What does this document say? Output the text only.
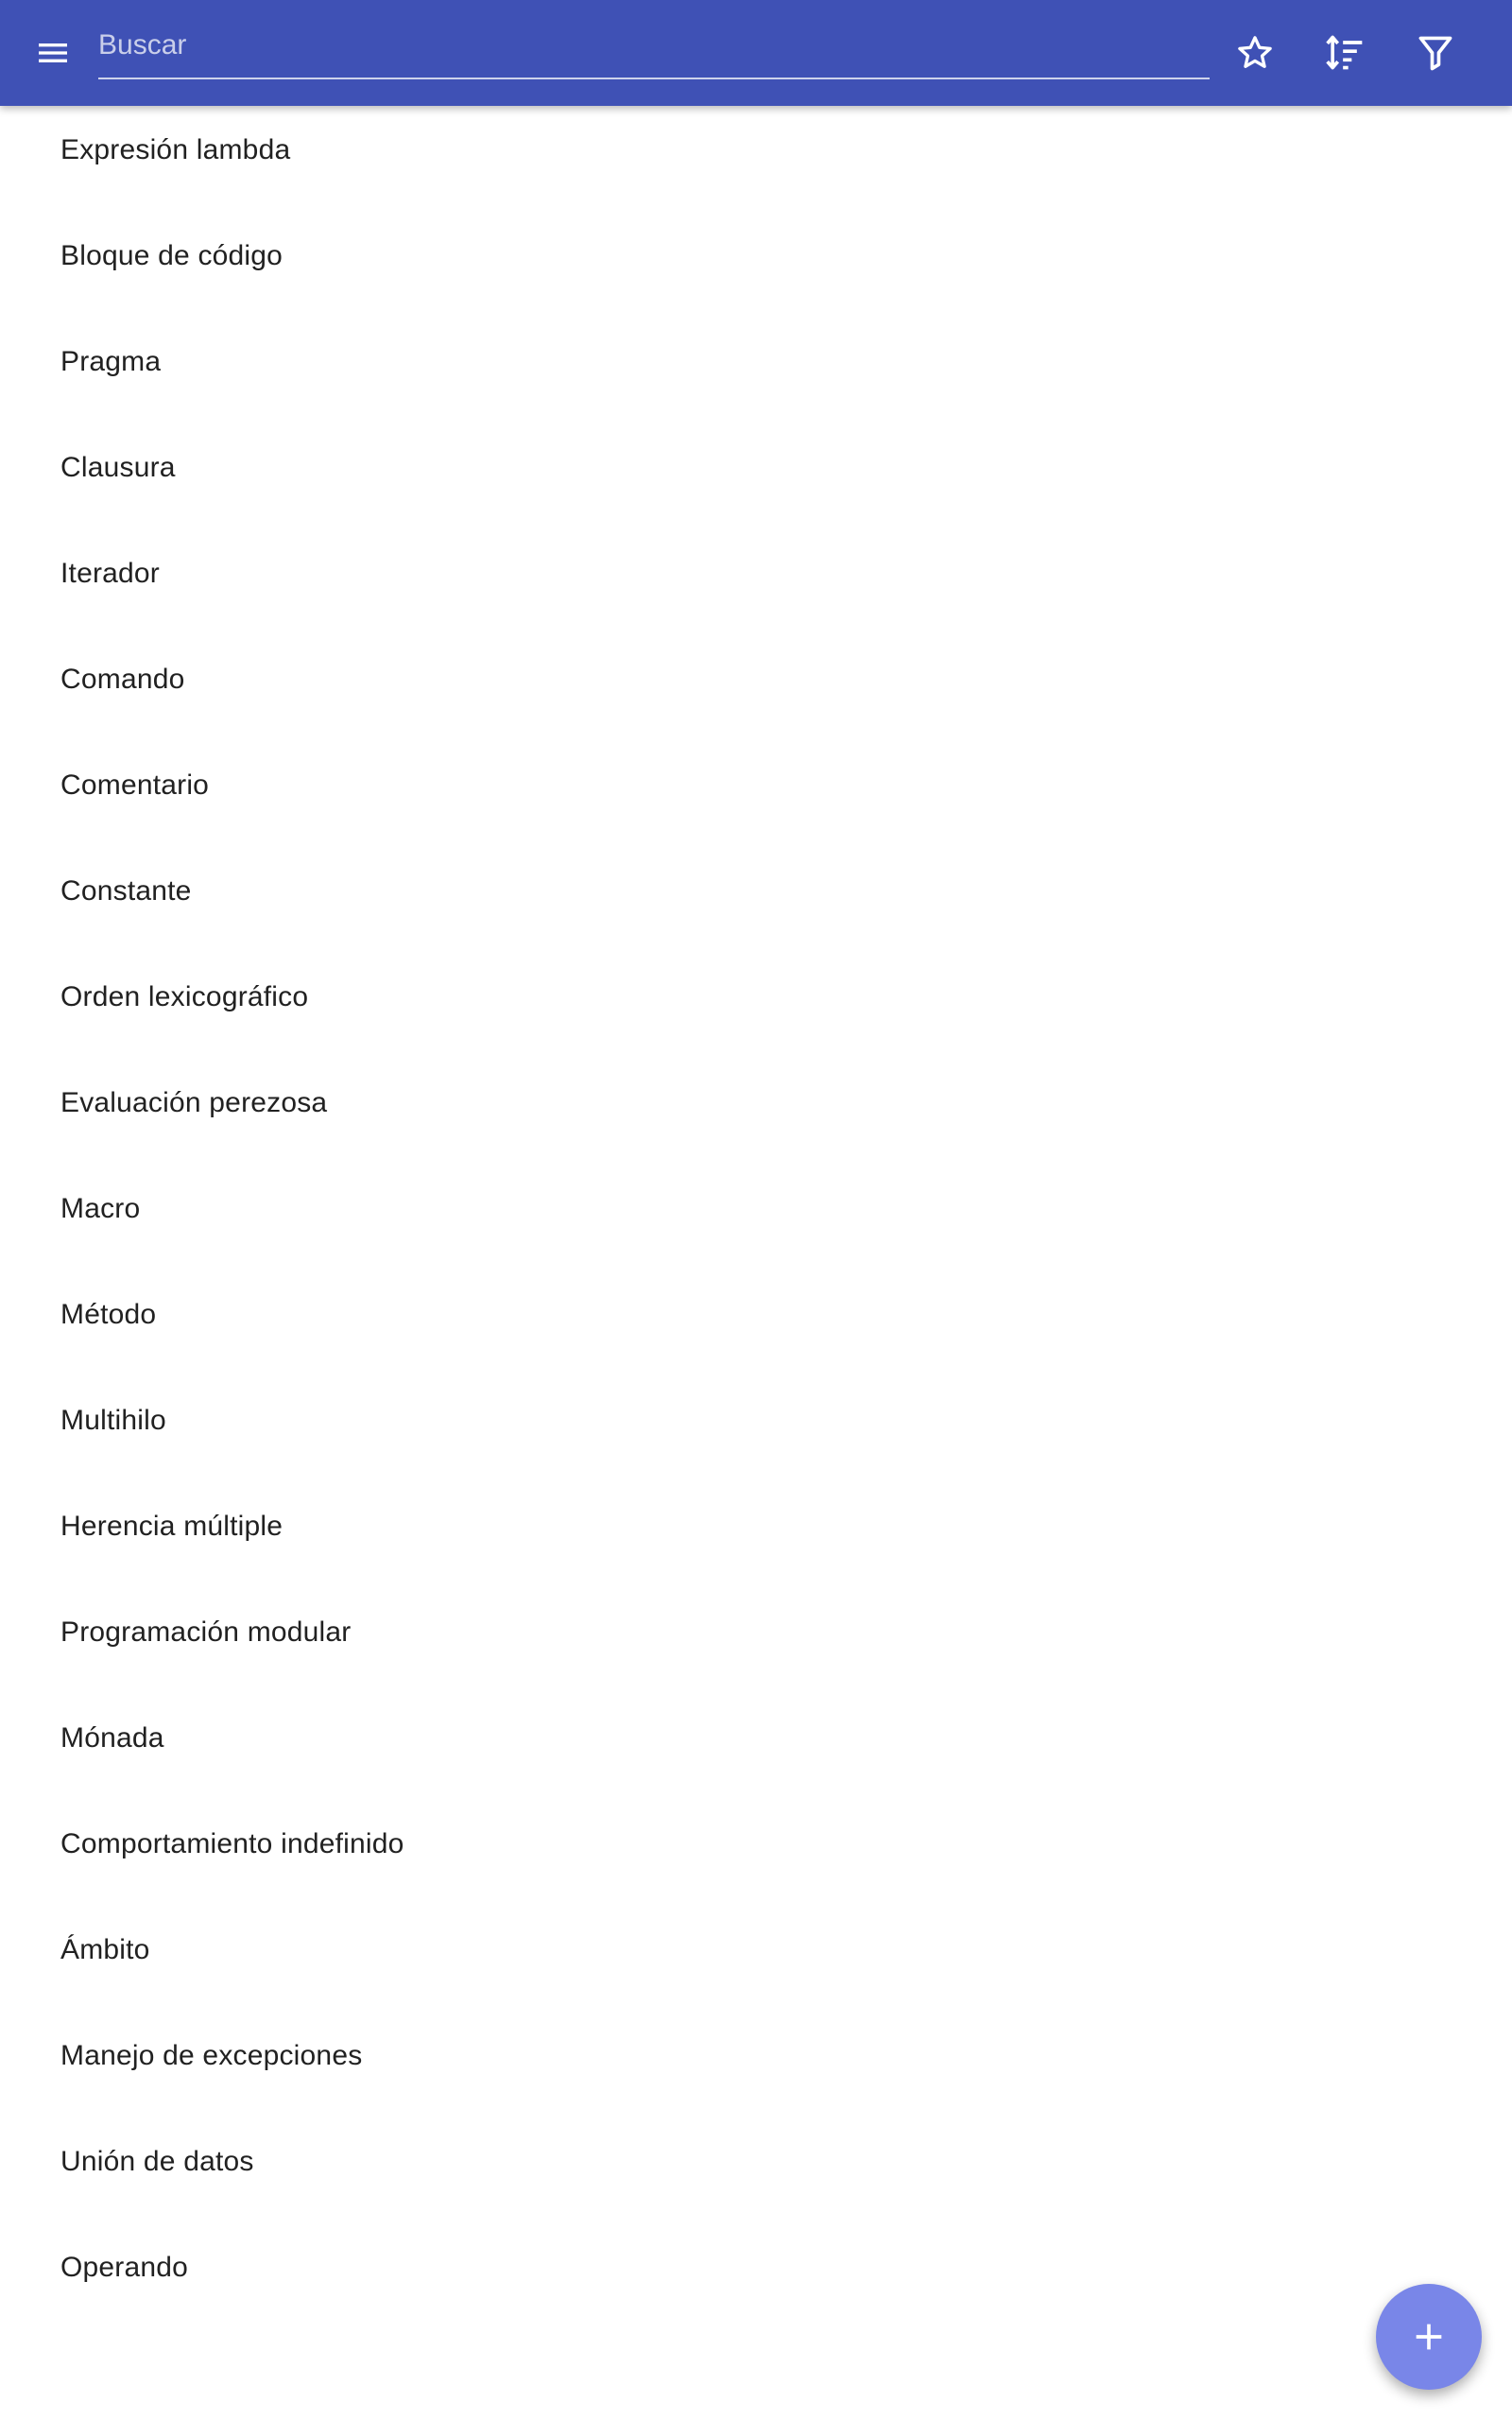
Buscar
Expresión lambda
Bloque de código
Pragma
Clausura
Iterador
Comando
Comentario
Constante
Orden lexicográfico
Evaluación perezosa
Macro
Método
Multihilo
Herencia múltiple
Programación modular
Mónada
Comportamiento indefinido
Ámbito
Manejo de excepciones
Unión de datos
Operando
